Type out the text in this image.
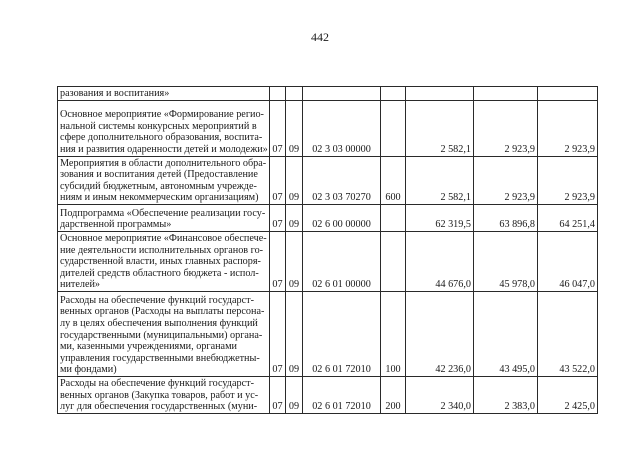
442
разования и воспитания»							
Основное мероприятие «Формирование регио-нальной системы конкурсных мероприятий в сфере дополнительного образования, воспита-ния и развития одаренности детей и молодежи»	07	09	02 3 03 00000		2 582,1	2 923,9	2 923,9
Мероприятия в области дополнительного обра-зования и воспитания детей (Предоставление субсидий бюджетным, автономным учрежде-ниям и иным некоммерческим организациям)	07	09	02 3 03 70270	600	2 582,1	2 923,9	2 923,9
Подпрограмма «Обеспечение реализации госу-дарственной программы»	07	09	02 6 00 00000		62 319,5	63 896,8	64 251,4
Основное мероприятие «Финансовое обеспече-ние деятельности исполнительных органов го-сударственной власти, иных главных распоря-дителей средств областного бюджета - испол-нителей»	07	09	02 6 01 00000		44 676,0	45 978,0	46 047,0
Расходы на обеспечение функций государст-венных органов (Расходы на выплаты персона-лу в целях обеспечения выполнения функций государственными (муниципальными) органа-ми, казенными учреждениями, органами управления государственными внебюджетны-ми фондами)	07	09	02 6 01 72010	100	42 236,0	43 495,0	43 522,0
Расходы на обеспечение функций государст-венных органов (Закупка товаров, работ и ус-луг для обеспечения государственных (муни-	07	09	02 6 01 72010	200	2 340,0	2 383,0	2 425,0
